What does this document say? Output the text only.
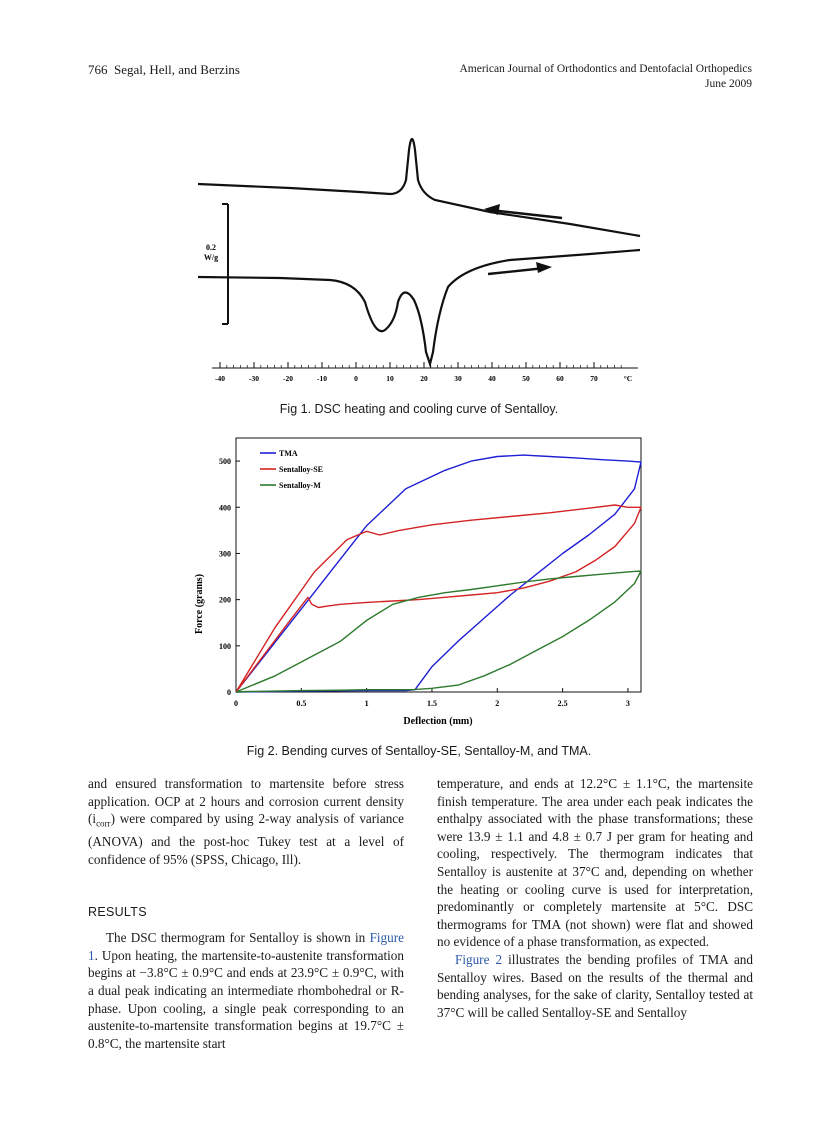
766 Segal, Hell, and Berzins	American Journal of Orthodontics and Dentofacial Orthopedics
June 2009
0.2
W/g
-40	-30	-20	-10	0	10	20	30	40	50	60	70	°C
Fig 1. DSC heating and cooling curve of Sentalloy.
0	0.5	1	1.5	2	2.5	3
0
100
200
300
400
500
TMA
Sentalloy-SE
Sentalloy-M
Deflection (mm)
Force (grams)
Fig 2. Bending curves of Sentalloy-SE, Sentalloy-M, and TMA.

and ensured transformation to martensite before stress application. OCP at 2 hours and corrosion current density $(i_{corr})$ were compared by using 2-way analysis of variance (ANOVA) and the post-hoc Tukey test at a level of confidence of 95% (SPSS, Chicago, Ill).

RESULTS

The DSC thermogram for Sentalloy is shown in Figure 1. Upon heating, the martensite-to-austenite transformation begins at −3.8°C ± 0.9°C and ends at 23.9°C ± 0.9°C, with a dual peak indicating an intermediate rhombohedral or R-phase. Upon cooling, a single peak corresponding to an austenite-to-martensite transformation begins at 19.7°C ± 0.8°C, the martensite start

temperature, and ends at 12.2°C ± 1.1°C, the martensite finish temperature. The area under each peak indicates the enthalpy associated with the phase transformations; these were 13.9 ± 1.1 and 4.8 ± 0.7 J per gram for heating and cooling, respectively. The thermogram indicates that Sentalloy is austenite at 37°C and, depending on whether the heating or cooling curve is used for interpretation, predominantly or completely martensite at 5°C. DSC thermograms for TMA (not shown) were flat and showed no evidence of a phase transformation, as expected.

Figure 2 illustrates the bending profiles of TMA and Sentalloy wires. Based on the results of the thermal and bending analyses, for the sake of clarity, Sentalloy tested at 37°C will be called Sentalloy-SE and Sentalloy
